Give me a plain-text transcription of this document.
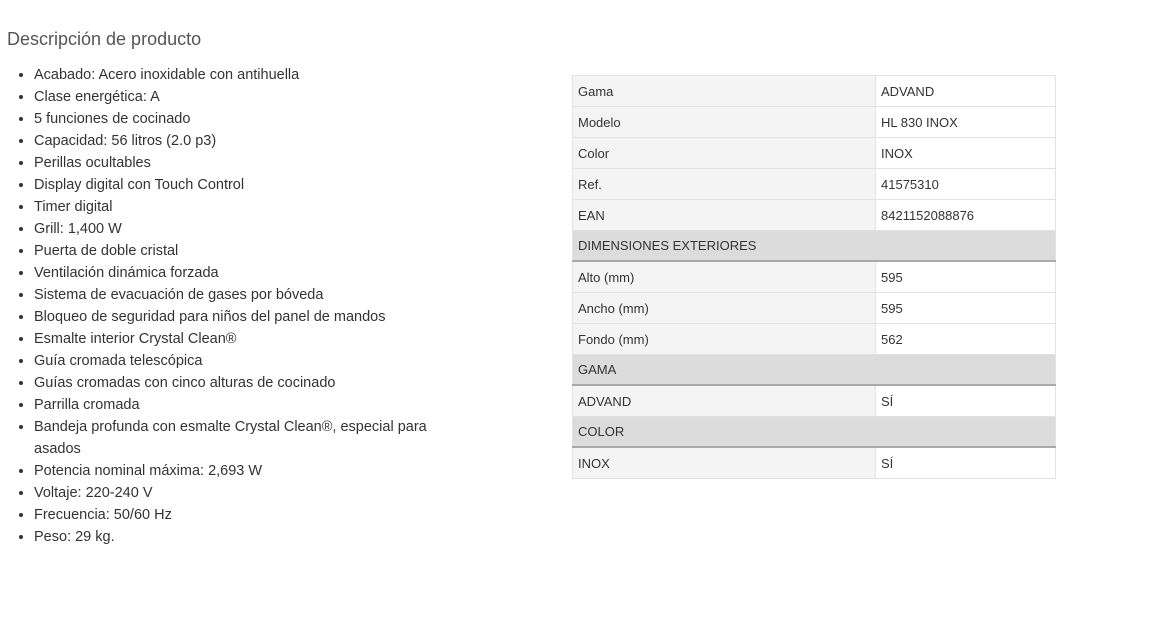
Descripción de producto
• Acabado: Acero inoxidable con antihuella
• Clase energética: A
• 5 funciones de cocinado
• Capacidad: 56 litros (2.0 p3)
• Perillas ocultables
• Display digital con Touch Control
• Timer digital
• Grill: 1,400 W
• Puerta de doble cristal
• Ventilación dinámica forzada
• Sistema de evacuación de gases por bóveda
• Bloqueo de seguridad para niños del panel de mandos
• Esmalte interior Crystal Clean®
• Guía cromada telescópica
• Guías cromadas con cinco alturas de cocinado
• Parrilla cromada
• Bandeja profunda con esmalte Crystal Clean®, especial para asados
• Potencia nominal máxima: 2,693 W
• Voltaje: 220-240 V
• Frecuencia: 50/60 Hz
• Peso: 29 kg.
Gama	ADVAND
Modelo	HL 830 INOX
Color	INOX
Ref.	41575310
EAN	8421152088876
DIMENSIONES EXTERIORES	
Alto (mm)	595
Ancho (mm)	595
Fondo (mm)	562
GAMA	
ADVAND	SÍ
COLOR	
INOX	SÍ
